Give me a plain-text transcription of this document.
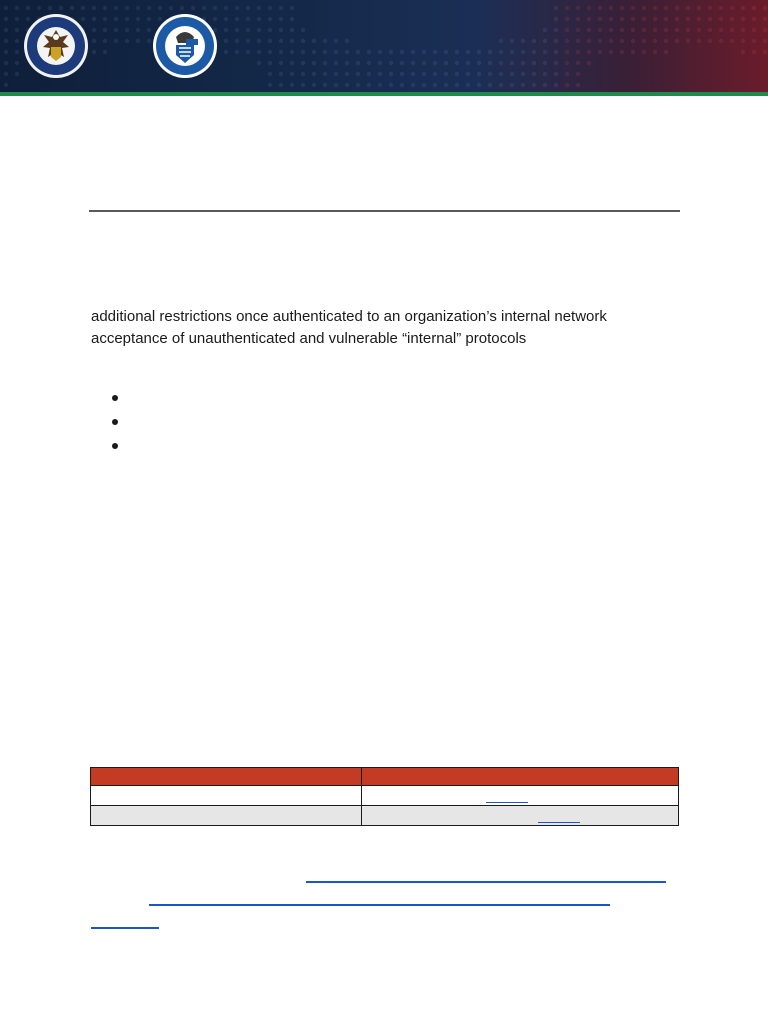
additional restrictions once authenticated to an organization’s internal network

acceptance of unauthenticated and vulnerable “internal” protocols
